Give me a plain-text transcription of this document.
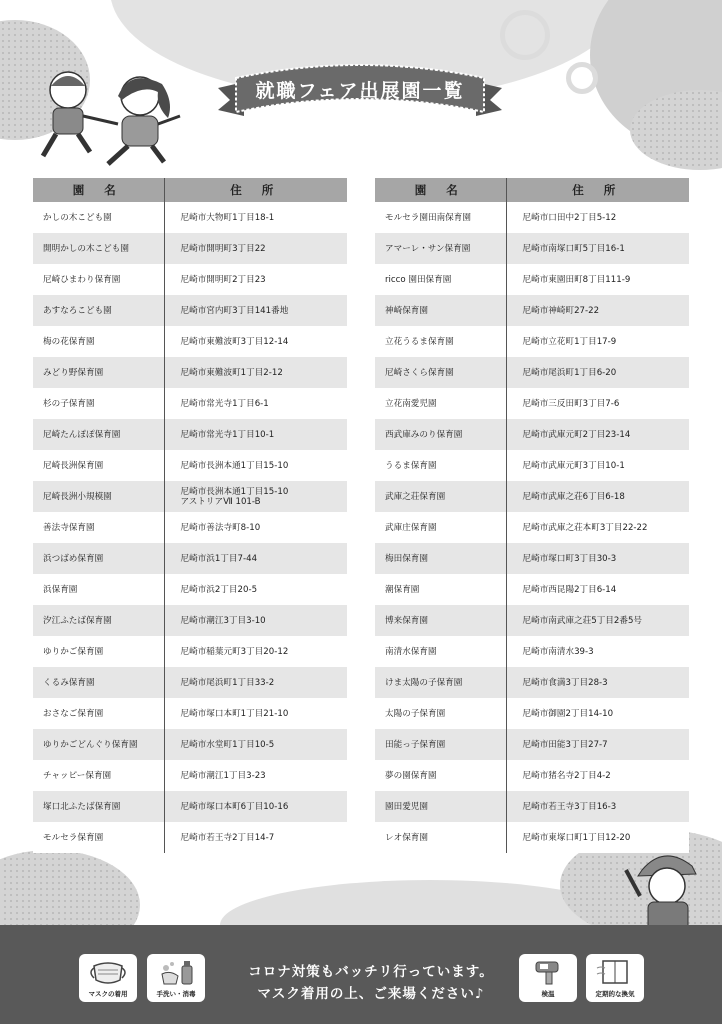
就職フェア出展園一覧
園 名	住 所
かしの木こども園	尼崎市大物町1丁目18-1

開明かしの木こども園	尼崎市開明町3丁目22

尼崎ひまわり保育園	尼崎市開明町2丁目23

あすなろこども園	尼崎市宮内町3丁目141番地

梅の花保育園	尼崎市東難波町3丁目12-14

みどり野保育園	尼崎市東難波町1丁目2-12

杉の子保育園	尼崎市常光寺1丁目6-1

尼崎たんぽぽ保育園	尼崎市常光寺1丁目10-1

尼崎長洲保育園	尼崎市長洲本通1丁目15-10

尼崎長洲小規模園	尼崎市長洲本通1丁目15-10
アストリアⅦ 101-B

善法寺保育園	尼崎市善法寺町8-10

浜つばめ保育園	尼崎市浜1丁目7-44

浜保育園	尼崎市浜2丁目20-5

汐江ふたば保育園	尼崎市潮江3丁目3-10

ゆりかご保育園	尼崎市稲葉元町3丁目20-12

くるみ保育園	尼崎市尾浜町1丁目33-2

おさなご保育園	尼崎市塚口本町1丁目21-10

ゆりかごどんぐり保育園	尼崎市水堂町1丁目10-5

チャッピー保育園	尼崎市潮江1丁目3-23

塚口北ふたば保育園	尼崎市塚口本町6丁目10-16

モルセラ保育園	尼崎市若王寺2丁目14-7
園 名	住 所
モルセラ園田南保育園	尼崎市口田中2丁目5-12

アマーレ・サン保育園	尼崎市南塚口町5丁目16-1

ricco 園田保育園	尼崎市東園田町8丁目111-9

神崎保育園	尼崎市神崎町27-22

立花うるま保育園	尼崎市立花町1丁目17-9

尼崎さくら保育園	尼崎市尾浜町1丁目6-20

立花南愛児園	尼崎市三反田町3丁目7-6

西武庫みのり保育園	尼崎市武庫元町2丁目23-14

うるま保育園	尼崎市武庫元町3丁目10-1

武庫之荘保育園	尼崎市武庫之荘6丁目6-18

武庫庄保育園	尼崎市武庫之荘本町3丁目22-22

梅田保育園	尼崎市塚口町3丁目30-3

潮保育園	尼崎市西昆陽2丁目6-14

博来保育園	尼崎市南武庫之荘5丁目2番5号

南清水保育園	尼崎市南清水39-3

けま太陽の子保育園	尼崎市食満3丁目28-3

太陽の子保育園	尼崎市御園2丁目14-10

田能っ子保育園	尼崎市田能3丁目27-7

夢の園保育園	尼崎市猪名寺2丁目4-2

園田愛児園	尼崎市若王寺3丁目16-3

レオ保育園	尼崎市東塚口町1丁目12-20
マスクの着用	手洗い・消毒
コロナ対策もバッチリ行っています。
マスク着用の上、ご来場ください♪	検温	定期的な換気
